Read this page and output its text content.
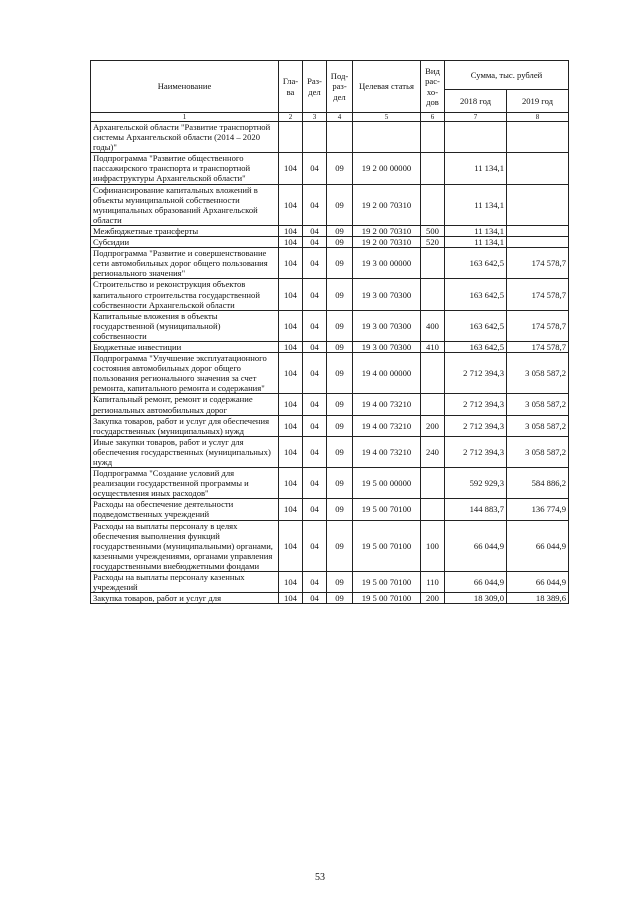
Наименование	Гла-ва	Раз-дел	Под-раз-дел	Целевая статья	Вид рас-хо-дов	Сумма, тыс. рублей	
						2018 год	2019 год
1	2	3	4	5	6	7	8
Архангельской области "Развитие транспортной системы Архангельской области (2014 – 2020 годы)"							
Подпрограмма "Развитие общественного пассажирского транспорта и транспортной инфраструктуры Архангельской области"	104	04	09	19 2 00 00000		11 134,1	
Софинансирование капитальных вложений в объекты муниципальной собственности муниципальных образований Архангельской области	104	04	09	19 2 00 70310		11 134,1	
Межбюджетные трансферты	104	04	09	19 2 00 70310	500	11 134,1	
Субсидии	104	04	09	19 2 00 70310	520	11 134,1	
Подпрограмма "Развитие и совершенствование сети автомобильных дорог общего пользования регионального значения"	104	04	09	19 3 00 00000		163 642,5	174 578,7
Строительство и реконструкция объектов капитального строительства государственной собственности Архангельской области	104	04	09	19 3 00 70300		163 642,5	174 578,7
Капитальные вложения в объекты государственной (муниципальной) собственности	104	04	09	19 3 00 70300	400	163 642,5	174 578,7
Бюджетные инвестиции	104	04	09	19 3 00 70300	410	163 642,5	174 578,7
Подпрограмма "Улучшение эксплуатационного состояния автомобильных дорог общего пользования регионального значения за счет ремонта, капитального ремонта и содержания"	104	04	09	19 4 00 00000		2 712 394,3	3 058 587,2
Капитальный ремонт, ремонт и содержание региональных автомобильных дорог	104	04	09	19 4 00 73210		2 712 394,3	3 058 587,2
Закупка товаров, работ и услуг для обеспечения государственных (муниципальных) нужд	104	04	09	19 4 00 73210	200	2 712 394,3	3 058 587,2
Иные закупки товаров, работ и услуг для обеспечения государственных (муниципальных) нужд	104	04	09	19 4 00 73210	240	2 712 394,3	3 058 587,2
Подпрограмма "Создание условий для реализации государственной программы и осуществления иных расходов"	104	04	09	19 5 00 00000		592 929,3	584 886,2
Расходы на обеспечение деятельности подведомственных учреждений	104	04	09	19 5 00 70100		144 883,7	136 774,9
Расходы на выплаты персоналу в целях обеспечения выполнения функций государственными (муниципальными) органами, казенными учреждениями, органами управления государственными внебюджетными фондами	104	04	09	19 5 00 70100	100	66 044,9	66 044,9
Расходы на выплаты персоналу казенных учреждений	104	04	09	19 5 00 70100	110	66 044,9	66 044,9
Закупка товаров, работ и услуг для	104	04	09	19 5 00 70100	200	18 309,0	18 389,6
53
